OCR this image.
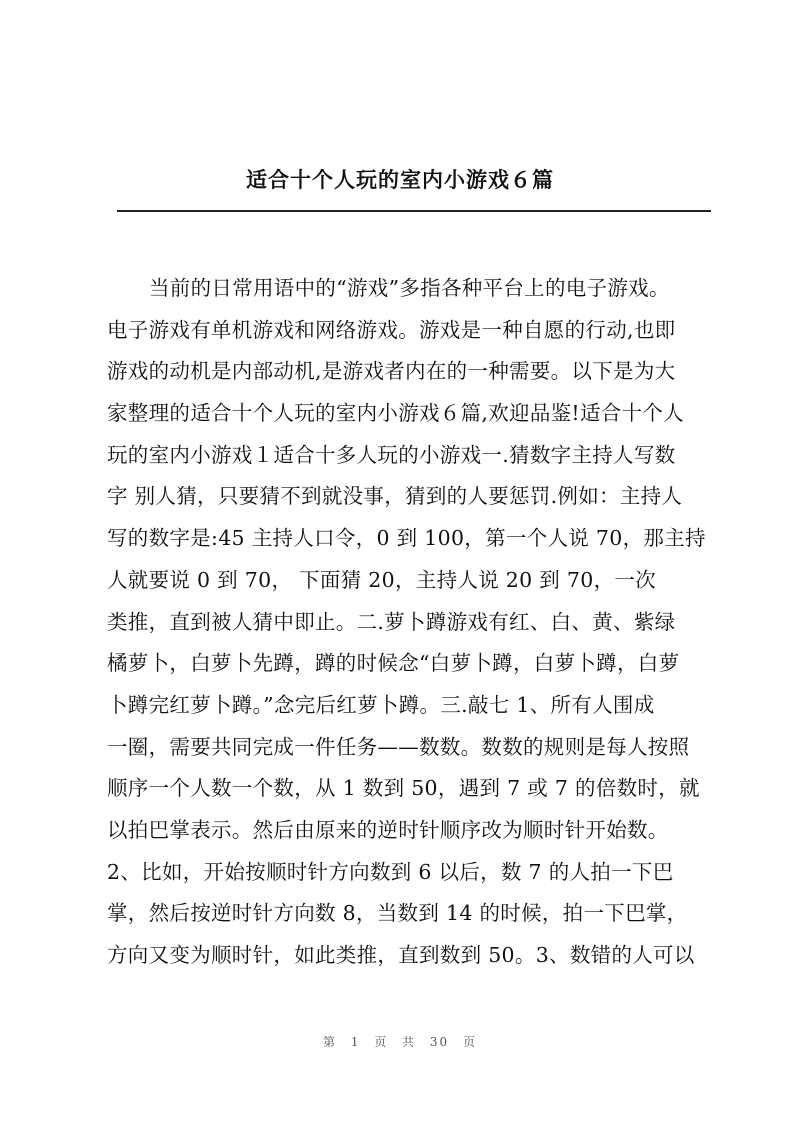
适合十个人玩的室内小游戏６篇
当前的日常用语中的“游戏”多指各种平台上的电子游戏。
电子游戏有单机游戏和网络游戏。游戏是一种自愿的行动,也即
游戏的动机是内部动机,是游戏者内在的一种需要。以下是为大
家整理的适合十个人玩的室内小游戏６篇,欢迎品鉴!适合十个人
玩的室内小游戏１适合十多人玩的小游戏一.猜数字主持人写数
字 别人猜，只要猜不到就没事，猜到的人要惩罚.例如：主持人
写的数字是:45 主持人口令，0 到 100，第一个人说 70，那主持
人就要说 0 到 70， 下面猜 20，主持人说 20 到 70，一次
类推，直到被人猜中即止。二.萝卜蹲游戏有红、白、黄、紫绿
橘萝卜，白萝卜先蹲，蹲的时候念“白萝卜蹲，白萝卜蹲，白萝
卜蹲完红萝卜蹲。”念完后红萝卜蹲。三.敲七 1、所有人围成
一圈，需要共同完成一件任务——数数。数数的规则是每人按照
顺序一个人数一个数，从 1 数到 50，遇到 7 或 7 的倍数时，就
以拍巴掌表示。然后由原来的逆时针顺序改为顺时针开始数。
2、比如，开始按顺时针方向数到 6 以后，数 7 的人拍一下巴
掌，然后按逆时针方向数 8，当数到 14 的时候，拍一下巴掌，
方向又变为顺时针，如此类推，直到数到 50。3、数错的人可以
第 1 页 共 30 页
